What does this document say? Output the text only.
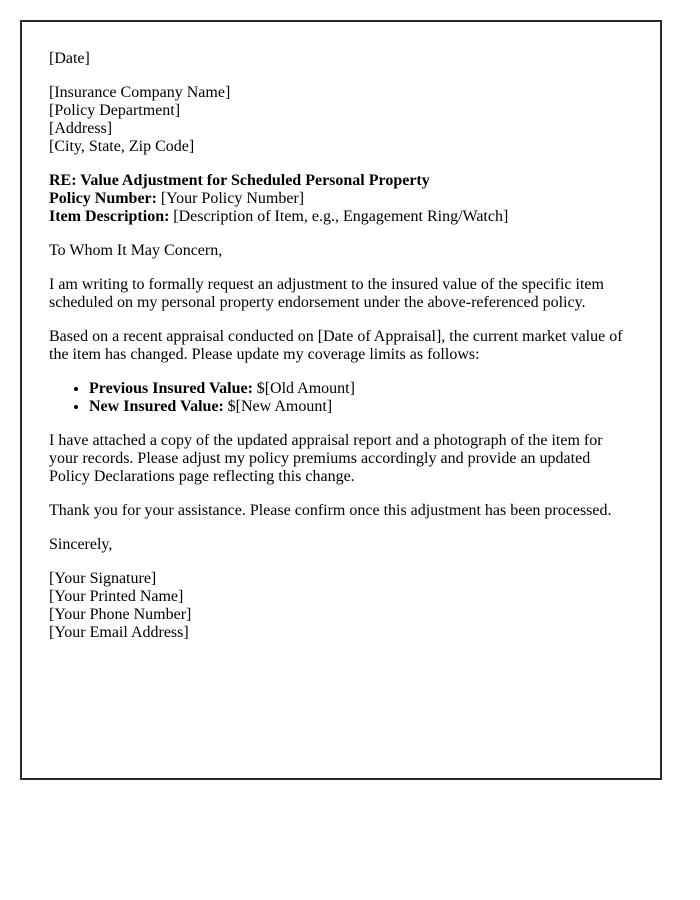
[Date]

[Insurance Company Name]
[Policy Department]
[Address]
[City, State, Zip Code]

RE: Value Adjustment for Scheduled Personal Property
Policy Number: [Your Policy Number]
Item Description: [Description of Item, e.g., Engagement Ring/Watch]

To Whom It May Concern,

I am writing to formally request an adjustment to the insured value of the specific item scheduled on my personal property endorsement under the above-referenced policy.

Based on a recent appraisal conducted on [Date of Appraisal], the current market value of the item has changed. Please update my coverage limits as follows:

• Previous Insured Value: $[Old Amount]
• New Insured Value: $[New Amount]

I have attached a copy of the updated appraisal report and a photograph of the item for your records. Please adjust my policy premiums accordingly and provide an updated Policy Declarations page reflecting this change.

Thank you for your assistance. Please confirm once this adjustment has been processed.

Sincerely,

[Your Signature]
[Your Printed Name]
[Your Phone Number]
[Your Email Address]
